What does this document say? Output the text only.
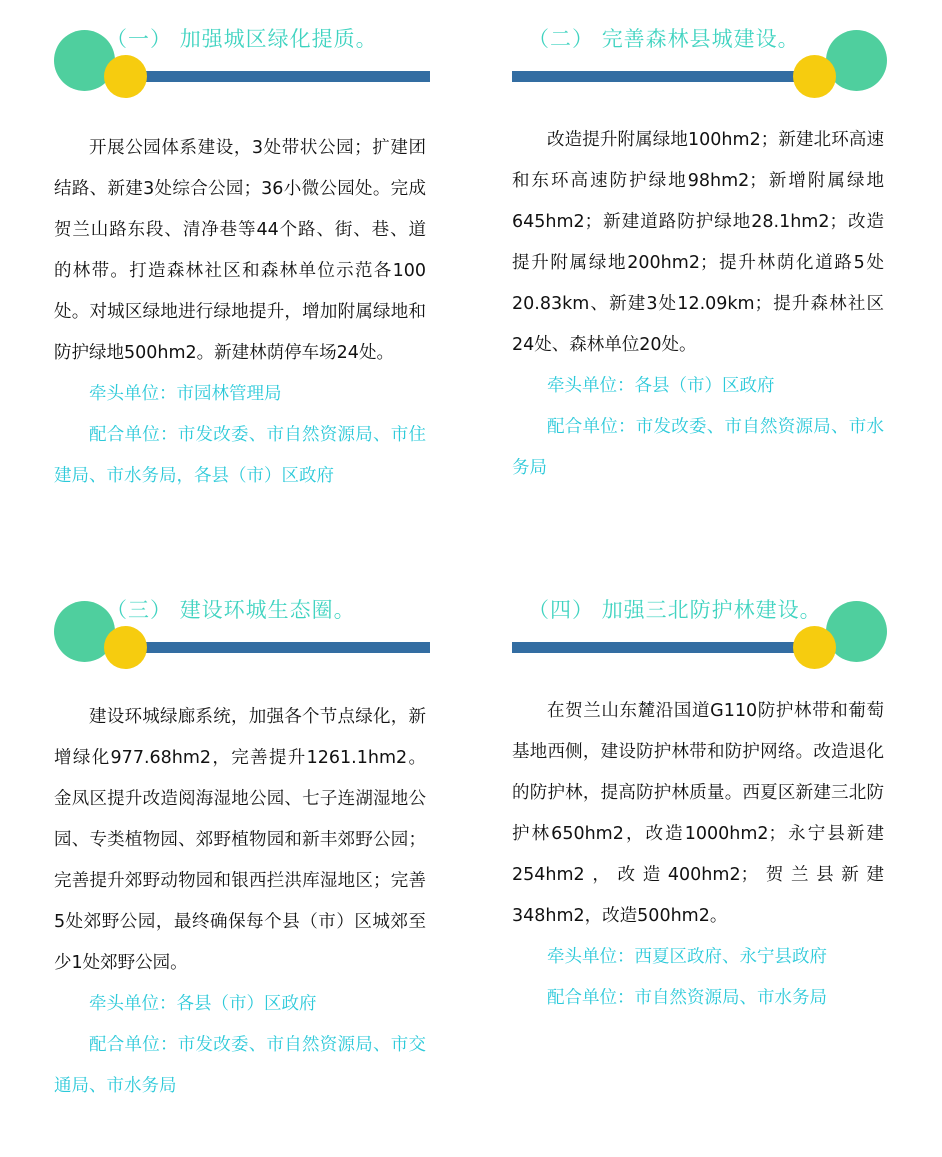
（一） 加强城区绿化提质。

开展公园体系建设，3处带状公园；扩建团结路、新建3处综合公园；36小微公园处。完成贺兰山路东段、清净巷等44个路、街、巷、道的林带。打造森林社区和森林单位示范各100处。对城区绿地进行绿地提升，增加附属绿地和防护绿地500hm2。新建林荫停车场24处。

牵头单位：市园林管理局

配合单位：市发改委、市自然资源局、市住建局、市水务局，各县（市）区政府

（二） 完善森林县城建设。

改造提升附属绿地100hm2；新建北环高速和东环高速防护绿地98hm2；新增附属绿地645hm2；新建道路防护绿地28.1hm2；改造提升附属绿地200hm2；提升林荫化道路5处20.83km、新建3处12.09km；提升森林社区24处、森林单位20处。

牵头单位：各县（市）区政府

配合单位：市发改委、市自然资源局、市水务局

（三） 建设环城生态圈。

建设环城绿廊系统，加强各个节点绿化，新增绿化977.68hm2，完善提升1261.1hm2。金凤区提升改造阅海湿地公园、七子连湖湿地公园、专类植物园、郊野植物园和新丰郊野公园；完善提升郊野动物园和银西拦洪库湿地区；完善5处郊野公园，最终确保每个县（市）区城郊至少1处郊野公园。

牵头单位：各县（市）区政府

配合单位：市发改委、市自然资源局、市交通局、市水务局

（四） 加强三北防护林建设。

在贺兰山东麓沿国道G110防护林带和葡萄基地西侧，建设防护林带和防护网络。改造退化的防护林，提高防护林质量。西夏区新建三北防护林650hm2，改造1000hm2；永宁县新建254hm2，改造400hm2；贺兰县新建348hm2，改造500hm2。

牵头单位：西夏区政府、永宁县政府

配合单位：市自然资源局、市水务局
